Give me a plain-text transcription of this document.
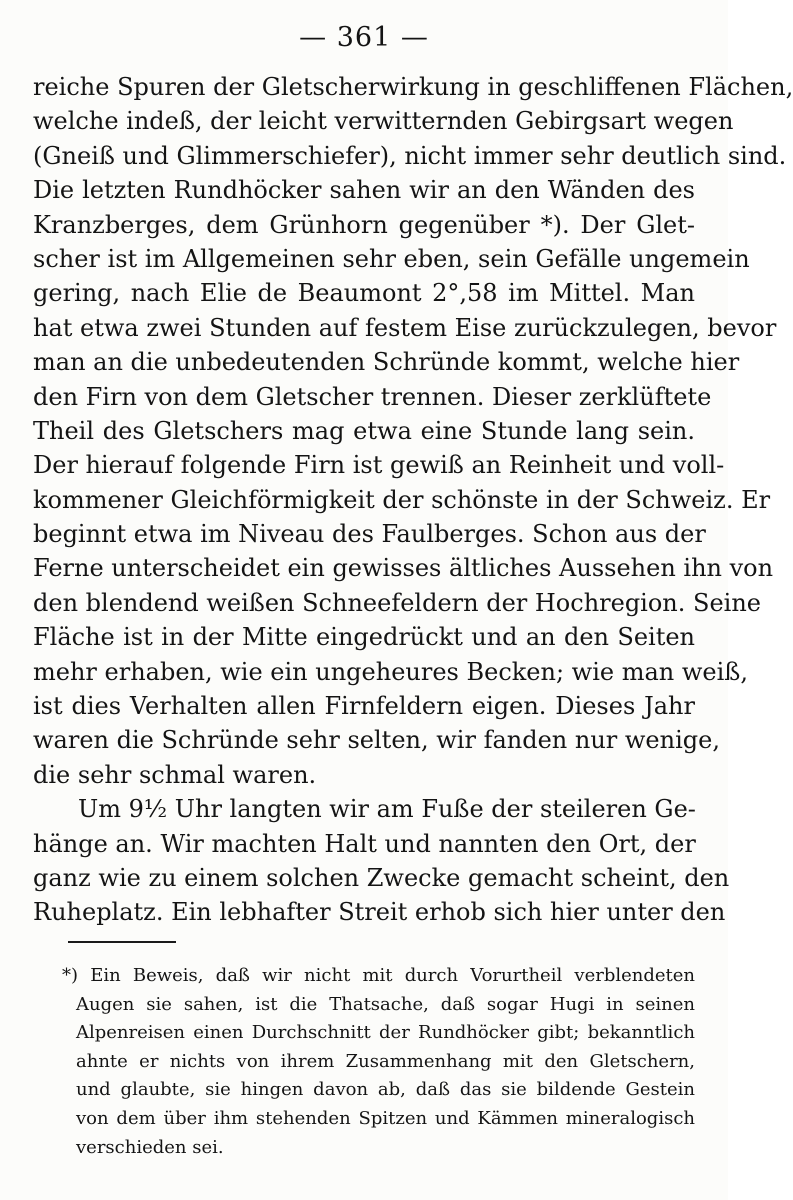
— 361 —
reiche Spuren der Gletscherwirkung in geschliffenen Flächen,
welche indeß, der leicht verwitternden Gebirgsart wegen
(Gneiß und Glimmerschiefer), nicht immer sehr deutlich sind.
Die letzten Rundhöcker sahen wir an den Wänden des
Kranzberges, dem Grünhorn gegenüber *). Der Glet-
scher ist im Allgemeinen sehr eben, sein Gefälle ungemein
gering, nach Elie de Beaumont 2°,58 im Mittel. Man
hat etwa zwei Stunden auf festem Eise zurückzulegen, bevor
man an die unbedeutenden Schründe kommt, welche hier
den Firn von dem Gletscher trennen. Dieser zerklüftete
Theil des Gletschers mag etwa eine Stunde lang sein.
Der hierauf folgende Firn ist gewiß an Reinheit und voll-
kommener Gleichförmigkeit der schönste in der Schweiz. Er
beginnt etwa im Niveau des Faulberges. Schon aus der
Ferne unterscheidet ein gewisses ältliches Aussehen ihn von
den blendend weißen Schneefeldern der Hochregion. Seine
Fläche ist in der Mitte eingedrückt und an den Seiten
mehr erhaben, wie ein ungeheures Becken; wie man weiß,
ist dies Verhalten allen Firnfeldern eigen. Dieses Jahr
waren die Schründe sehr selten, wir fanden nur wenige,
die sehr schmal waren.
Um 9½ Uhr langten wir am Fuße der steileren Ge-
hänge an. Wir machten Halt und nannten den Ort, der
ganz wie zu einem solchen Zwecke gemacht scheint, den
Ruheplatz. Ein lebhafter Streit erhob sich hier unter den
*) Ein Beweis, daß wir nicht mit durch Vorurtheil verblendeten
Augen sie sahen, ist die Thatsache, daß sogar Hugi in seinen
Alpenreisen einen Durchschnitt der Rundhöcker gibt; bekanntlich
ahnte er nichts von ihrem Zusammenhang mit den Gletschern,
und glaubte, sie hingen davon ab, daß das sie bildende Gestein
von dem über ihm stehenden Spitzen und Kämmen mineralogisch
verschieden sei.
